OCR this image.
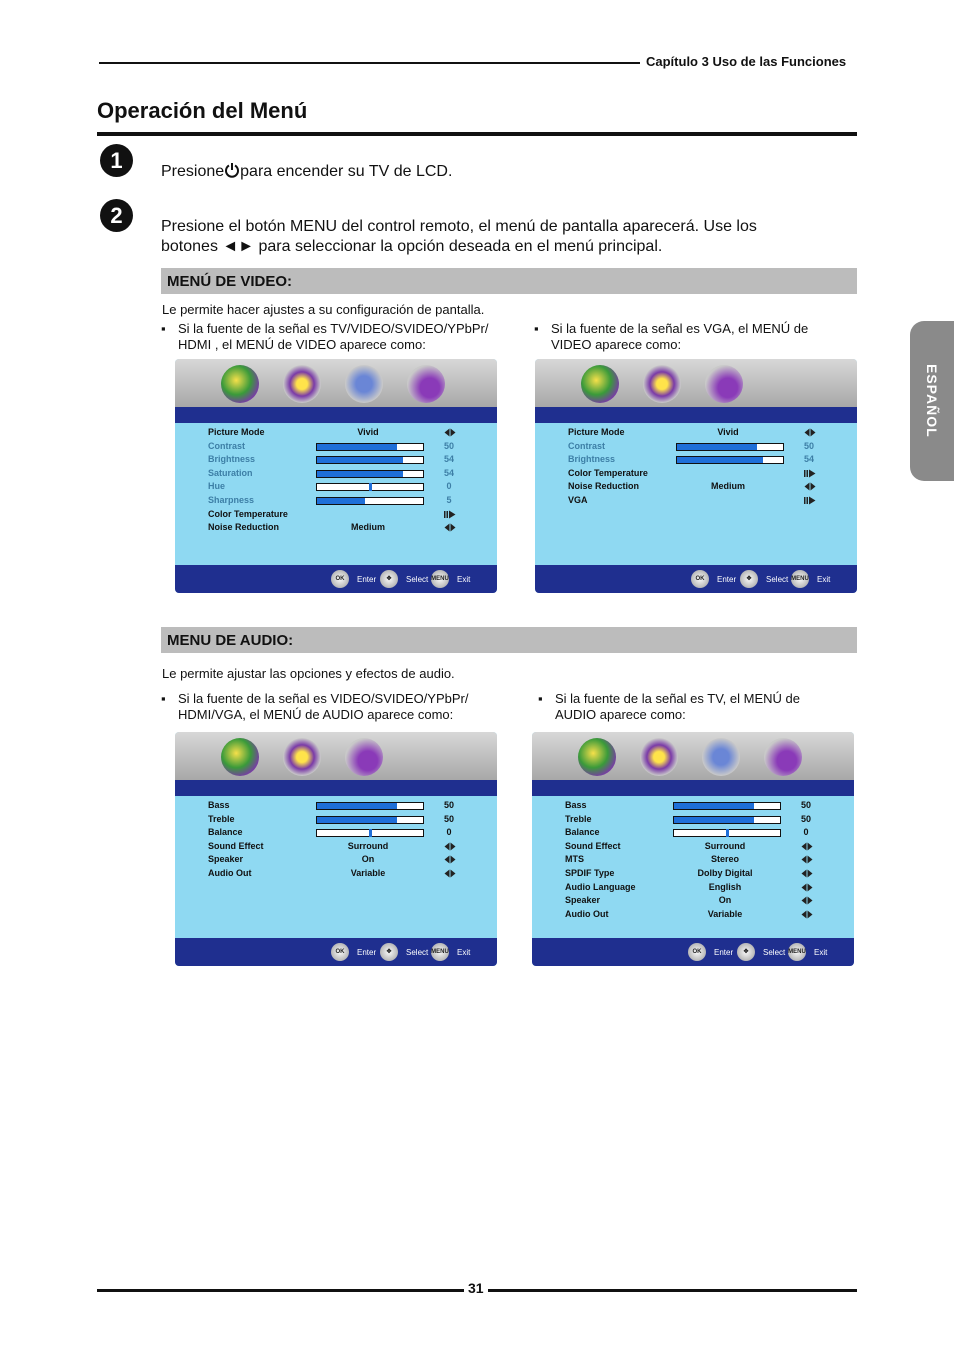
Capítulo 3 Uso de las Funciones
Operación del Menú
ESPAÑOL
1	Presione para encender su TV de LCD.
2	Presione el botón MENU del control remoto, el menú de pantalla aparecerá. Use los
botones ◄► para seleccionar la opción deseada en el menú principal.
MENÚ DE VIDEO:
Le permite hacer ajustes a su configuración de pantalla.
▪ Si la fuente de la señal es TV/VIDEO/SVIDEO/YPbPr/
HDMI , el MENÚ de VIDEO aparece como:
▪ Si la fuente de la señal es VGA, el MENÚ de
VIDEO aparece como:
Picture Mode	Vivid
Contrast	50
Brightness	54
Saturation	54
Hue	0
Sharpness	5
Color Temperature
Noise Reduction	Medium
OK	Enter	✥	Select MENU Exit
Picture Mode	Vivid
Contrast	50
Brightness	54
Color Temperature
Noise Reduction	Medium
VGA
OK	Enter	✥	Select MENU Exit
MENU DE AUDIO:
Le permite ajustar las opciones y efectos de audio.
▪ Si la fuente de la señal es VIDEO/SVIDEO/YPbPr/
HDMI/VGA, el MENÚ de AUDIO aparece como:
▪ Si la fuente de la señal es TV, el MENÚ de
AUDIO aparece como:
Bass	50
Treble	50
Balance	0
Sound Effect	Surround
Speaker	On
Audio Out	Variable
OK	Enter	✥	Select MENU Exit
Bass	50
Treble	50
Balance	0
Sound Effect	Surround
MTS	Stereo
SPDIF Type	Dolby Digital
Audio Language	English
Speaker	On
Audio Out	Variable
OK	Enter	✥	Select MENU Exit
31
